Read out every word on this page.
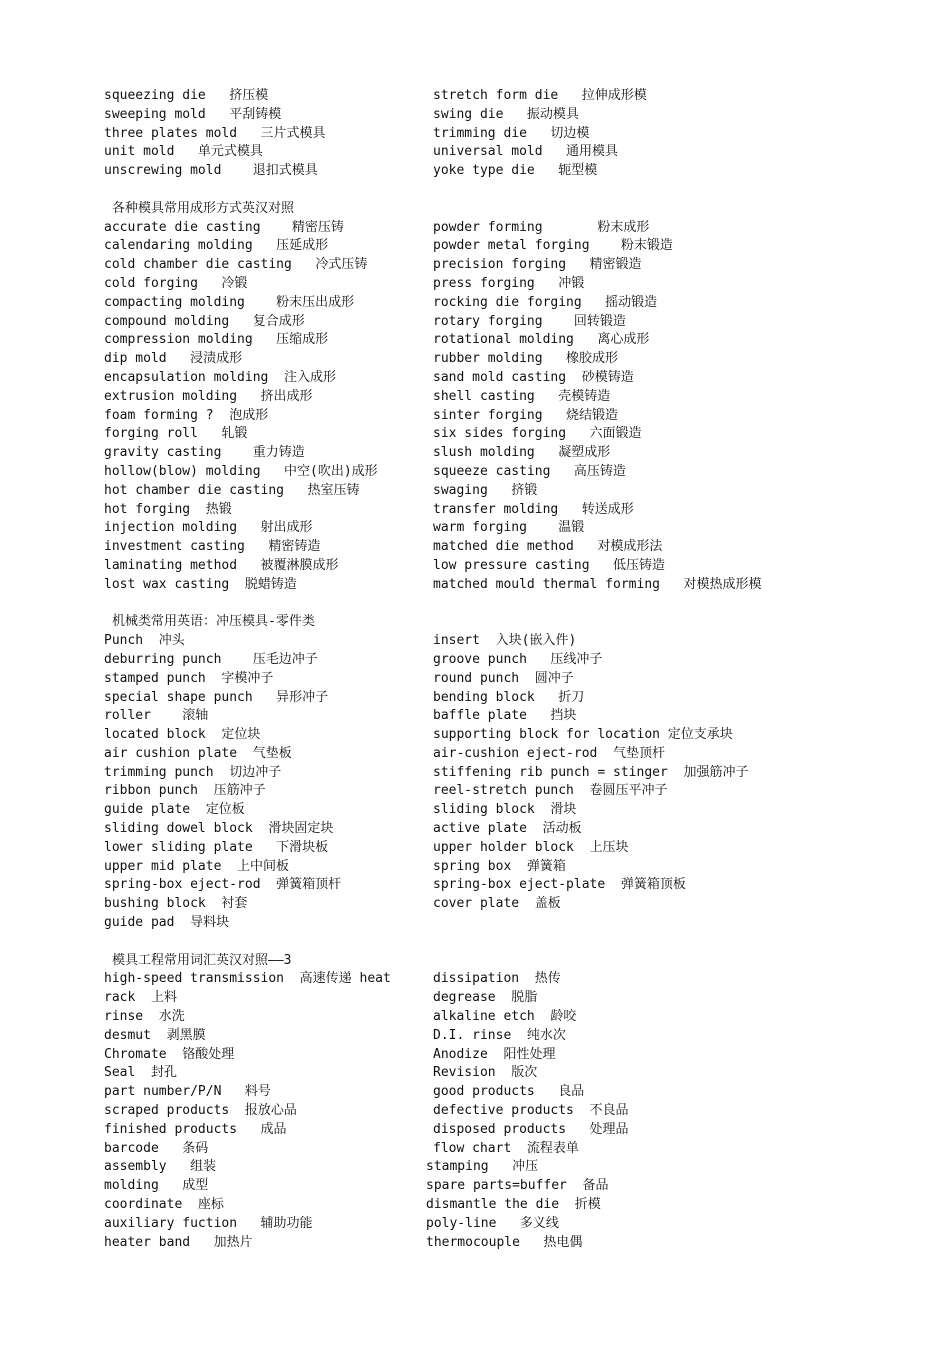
squeezing die   挤压模	stretch form die   拉伸成形模
sweeping mold   平刮铸模	swing die   振动模具
three plates mold   三片式模具	trimming die   切边模
unit mold   单元式模具	universal mold   通用模具
unscrewing mold    退扣式模具	yoke type die   轭型模
各种模具常用成形方式英汉对照
accurate die casting    精密压铸	powder forming       粉末成形
calendaring molding   压延成形	powder metal forging    粉末锻造
cold chamber die casting   冷式压铸	precision forging   精密锻造
cold forging   冷锻	press forging   冲锻
compacting molding    粉末压出成形	rocking die forging   摇动锻造
compound molding   复合成形	rotary forging    回转锻造
compression molding   压缩成形	rotational molding   离心成形
dip mold   浸渍成形	rubber molding   橡胶成形
encapsulation molding  注入成形	sand mold casting  砂模铸造
extrusion molding   挤出成形	shell casting   壳模铸造
foam forming ?  泡成形	sinter forging   烧结锻造
forging roll   轧锻	six sides forging   六面锻造
gravity casting    重力铸造	slush molding   凝塑成形
hollow(blow) molding   中空(吹出)成形	squeeze casting   高压铸造
hot chamber die casting   热室压铸	swaging   挤锻
hot forging  热锻	transfer molding   转送成形
injection molding   射出成形	warm forging    温锻
investment casting   精密铸造	matched die method   对模成形法
laminating method   被覆淋膜成形	low pressure casting   低压铸造
lost wax casting  脱蜡铸造	matched mould thermal forming   对模热成形模
机械类常用英语：冲压模具-零件类
Punch  冲头	insert  入块(嵌入件)
deburring punch    压毛边冲子	groove punch   压线冲子
stamped punch  字模冲子	round punch  圆冲子
special shape punch   异形冲子	bending block   折刀
roller    滚轴	baffle plate   挡块
located block  定位块	supporting block for location 定位支承块
air cushion plate  气垫板	air-cushion eject-rod  气垫顶杆
trimming punch  切边冲子	stiffening rib punch = stinger  加强筋冲子
ribbon punch  压筋冲子	reel-stretch punch  卷圆压平冲子
guide plate  定位板	sliding block  滑块
sliding dowel block  滑块固定块	active plate  活动板
lower sliding plate   下滑块板	upper holder block  上压块
upper mid plate  上中间板	spring box  弹簧箱
spring-box eject-rod  弹簧箱顶杆	spring-box eject-plate  弹簧箱顶板
bushing block  衬套	cover plate  盖板
guide pad  导料块
模具工程常用词汇英汉对照——3
high-speed transmission  高速传递 heat	dissipation  热传
rack  上料	degrease  脱脂
rinse  水洗	alkaline etch  龄咬
desmut  剥黑膜	D.I. rinse  纯水次
Chromate  铬酸处理	Anodize  阳性处理
Seal  封孔	Revision  版次
part number/P/N   料号	good products   良品
scraped products  报放心品	defective products  不良品
finished products   成品	disposed products   处理品
barcode   条码	flow chart  流程表单
assembly   组装	stamping   冲压
molding   成型	spare parts=buffer  备品
coordinate  座标	dismantle the die  折模
auxiliary fuction   辅助功能	poly-line   多义线
heater band   加热片	thermocouple   热电偶
